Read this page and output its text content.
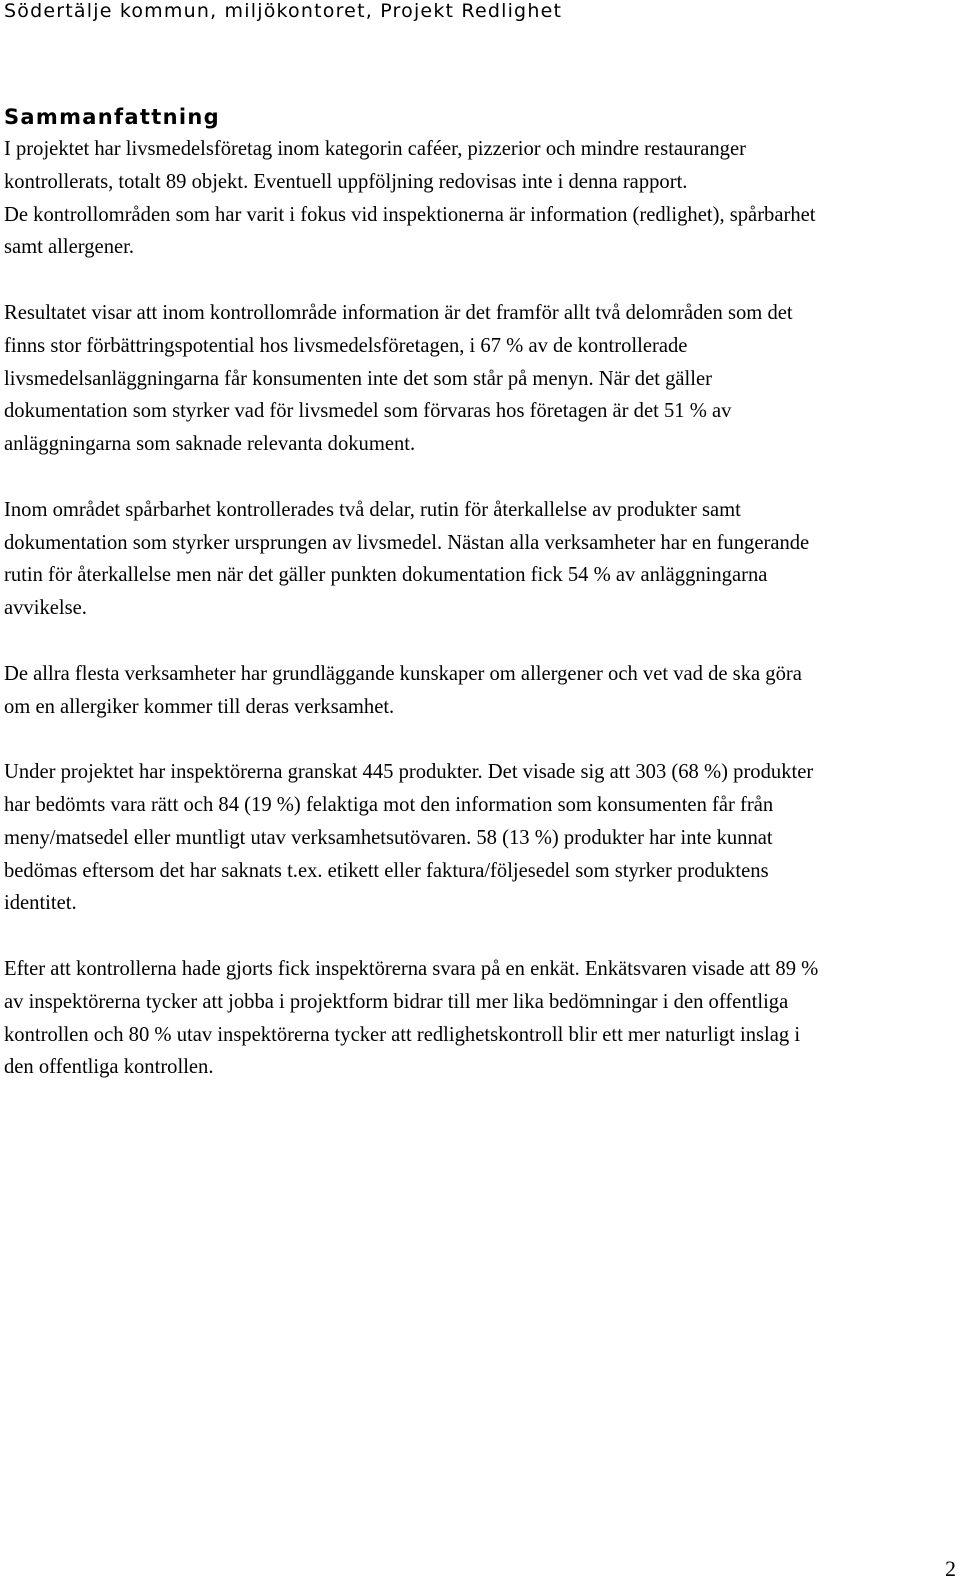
Södertälje kommun, miljökontoret, Projekt Redlighet
Sammanfattning

I projektet har livsmedelsföretag inom kategorin caféer, pizzerior och mindre restauranger
kontrollerats, totalt 89 objekt. Eventuell uppföljning redovisas inte i denna rapport.

De kontrollområden som har varit i fokus vid inspektionerna är information (redlighet), spårbarhet
samt allergener.

Resultatet visar att inom kontrollområde information är det framför allt två delområden som det
finns stor förbättringspotential hos livsmedelsföretagen, i 67 % av de kontrollerade
livsmedelsanläggningarna får konsumenten inte det som står på menyn. När det gäller
dokumentation som styrker vad för livsmedel som förvaras hos företagen är det 51 % av
anläggningarna som saknade relevanta dokument.

Inom området spårbarhet kontrollerades två delar, rutin för återkallelse av produkter samt
dokumentation som styrker ursprungen av livsmedel. Nästan alla verksamheter har en fungerande
rutin för återkallelse men när det gäller punkten dokumentation fick 54 % av anläggningarna
avvikelse.

De allra flesta verksamheter har grundläggande kunskaper om allergener och vet vad de ska göra
om en allergiker kommer till deras verksamhet.

Under projektet har inspektörerna granskat 445 produkter. Det visade sig att 303 (68 %) produkter
har bedömts vara rätt och 84 (19 %) felaktiga mot den information som konsumenten får från
meny/matsedel eller muntligt utav verksamhetsutövaren. 58 (13 %) produkter har inte kunnat
bedömas eftersom det har saknats t.ex. etikett eller faktura/följesedel som styrker produktens
identitet.

Efter att kontrollerna hade gjorts fick inspektörerna svara på en enkät. Enkätsvaren visade att 89 %
av inspektörerna tycker att jobba i projektform bidrar till mer lika bedömningar i den offentliga
kontrollen och 80 % utav inspektörerna tycker att redlighetskontroll blir ett mer naturligt inslag i
den offentliga kontrollen.

2
